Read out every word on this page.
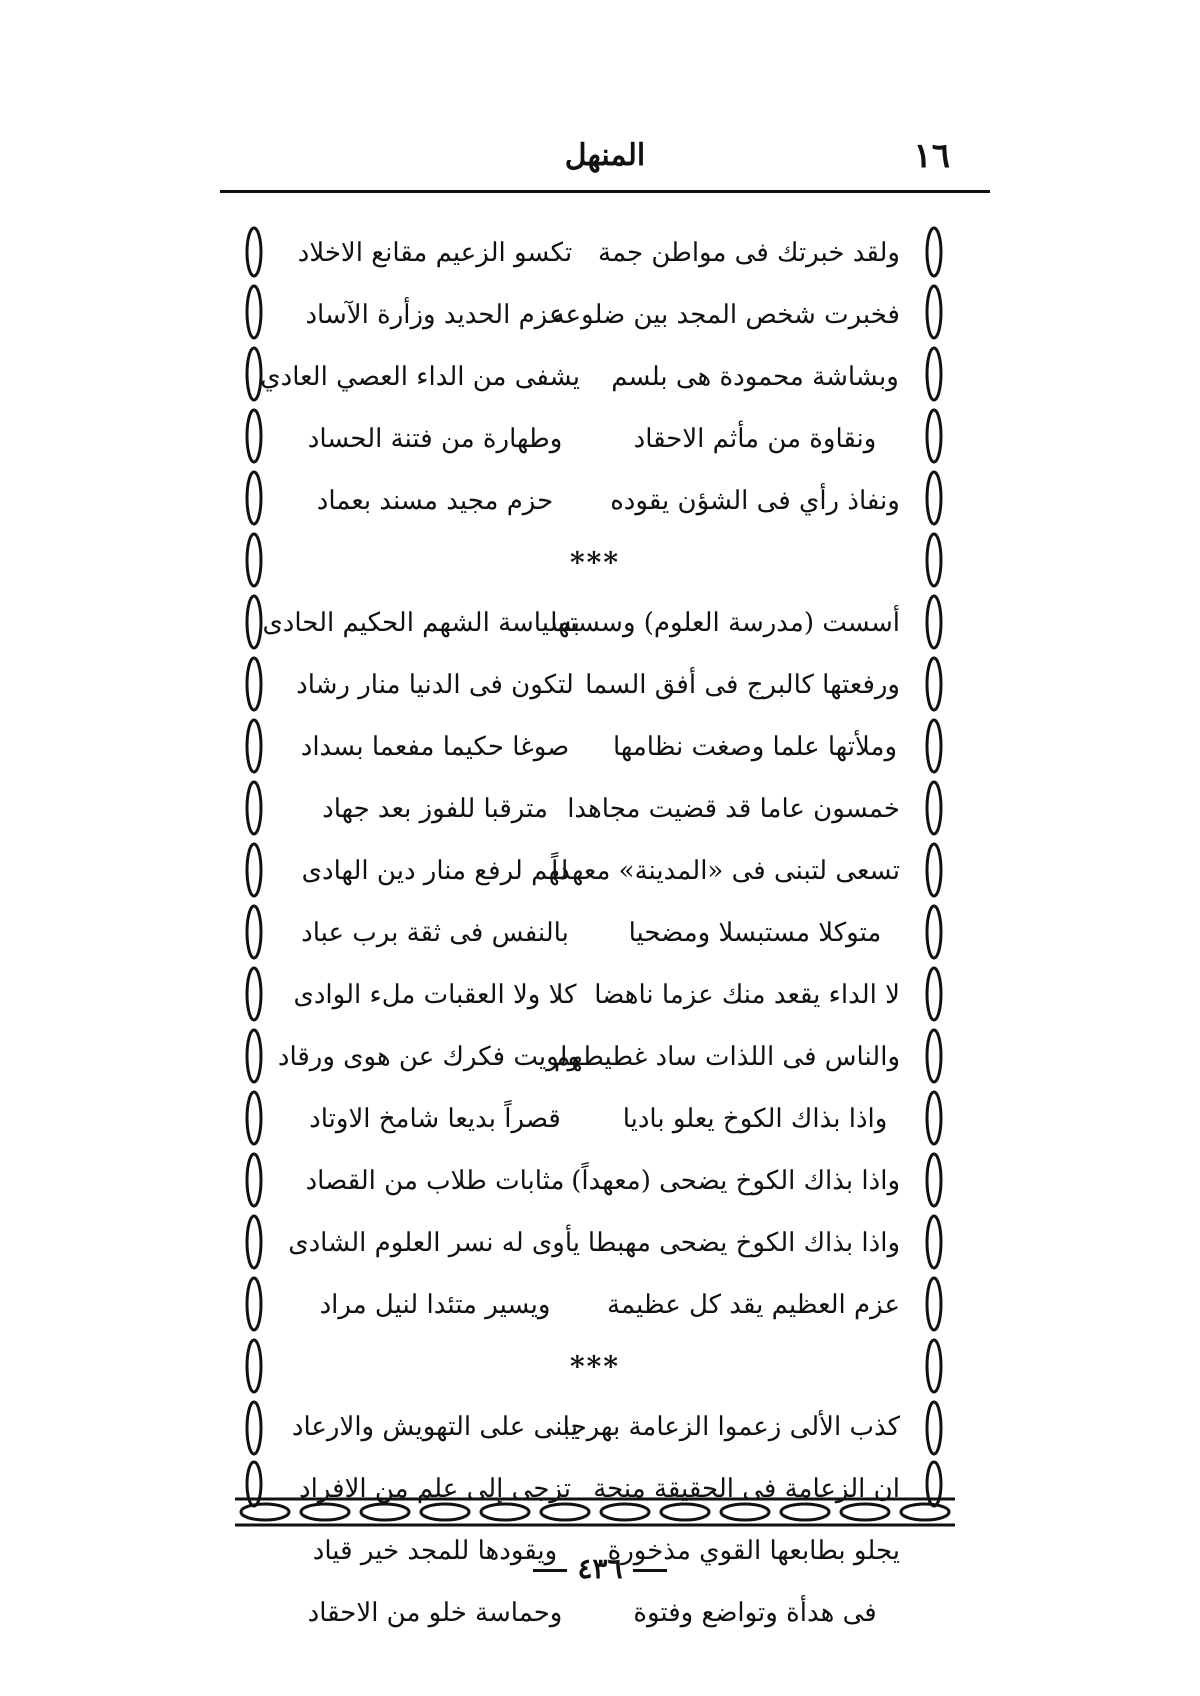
١٦
المنهل
ولقد خبرتك فى مواطن جمة
تكسو الزعيم مقانع الاخلاد
فخبرت شخص المجد بين ضلوعه
عزم الحديد وزأرة الآساد
وبشاشة محمودة هى بلسم
يشفى من الداء العصي العادي
ونقاوة من مأثم الاحقاد
وطهارة من فتنة الحساد
ونفاذ رأي فى الشؤن يقوده
حزم مجيد مسند بعماد
***
أسست (مدرسة العلوم) وسستها
بسياسة الشهم الحكيم الحادى
ورفعتها كالبرج فى أفق السما
لتكون فى الدنيا منار رشاد
وملأتها علما وصغت نظامها
صوغا حكيما مفعما بسداد
خمسون عاما قد قضيت مجاهدا
مترقبا للفوز بعد جهاد
تسعى لتبنى فى «المدينة» معهداً
لهم لرفع منار دين الهادى
متوكلا مستبسلا ومضحيا
بالنفس فى ثقة برب عباد
لا الداء يقعد منك عزما ناهضا
كلا ولا العقبات ملء الوادى
والناس فى اللذات ساد غطيطهم
ولويت فكرك عن هوى ورقاد
واذا بذاك الكوخ يعلو باديا
قصراً بديعا شامخ الاوتاد
واذا بذاك الكوخ يضحى (معهداً)
مثابات طلاب من القصاد
واذا بذاك الكوخ يضحى مهبطا
يأوى له نسر العلوم الشادى
عزم العظيم يقد كل عظيمة
ويسير متئدا لنيل مراد
***
كذب الألى زعموا الزعامة بهرجا
يبنى على التهويش والارعاد
ان الزعامة فى الحقيقة منحة
تزجى إلى علم من الافراد
يجلو بطابعها القوي مذخورة
ويقودها للمجد خير قياد
فى هدأة وتواضع وفتوة
وحماسة خلو من الاحقاد
٤٣٦
